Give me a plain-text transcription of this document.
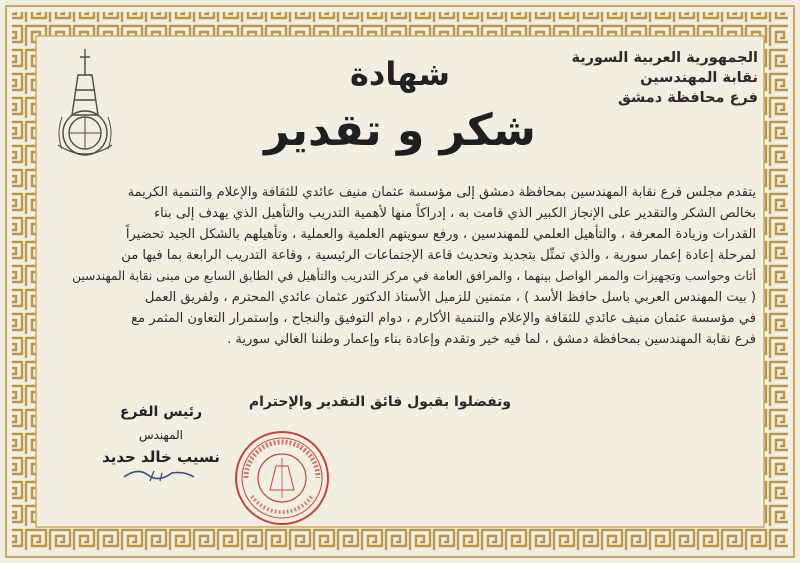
الجمهورية العربية السورية
نقابة المهندسين
فرع محافظة دمشق
شهادة
شكر و تقدير

يتقدم مجلس فرع نقابة المهندسين بمحافظة دمشق إلى مؤسسة عثمان منيف عائدي للثقافة والإعلام والتنمية الكريمة

بخالص الشكر والتقدير على الإنجاز الكبير الذي قامت به ، إدراكاً منها لأهمية التدريب والتأهيل الذي يهدف إلى بناء

القدرات وزيادة المعرفة ، والتأهيل العلمي للمهندسين ، ورفع سويتهم العلمية والعملية ، وتأهيلهم بالشكل الجيد تحضيراً

لمرحلة إعادة إعمار سورية ، والذي تمثّل بتجديد وتحديث قاعة الإجتماعات الرئيسية ، وقاعة التدريب الرابعة بما فيها من

أثاث وحواسب وتجهيزات والممر الواصل بينهما ، والمرافق العامة في مركز التدريب والتأهيل في الطابق السابع من مبنى نقابة المهندسين

( بيت المهندس العربي باسل حافظ الأسد ) ، متمنين للزميل الأستاذ الدكتور عثمان عائدي المحترم ، ولفريق العمل

في مؤسسة عثمان منيف عائدي للثقافة والإعلام والتنمية الأكارم ، دوام التوفيق والنجاح ، وإستمرار التعاون المثمر مع

فرع نقابة المهندسين بمحافظة دمشق ، لما فيه خير وتقدم وإعادة بناء وإعمار وطننا الغالي سورية .

وتفضلوا بقبول فائق التقدير والإحترام
رئيس الفرع
المهندس
نسيب خالد حديد
